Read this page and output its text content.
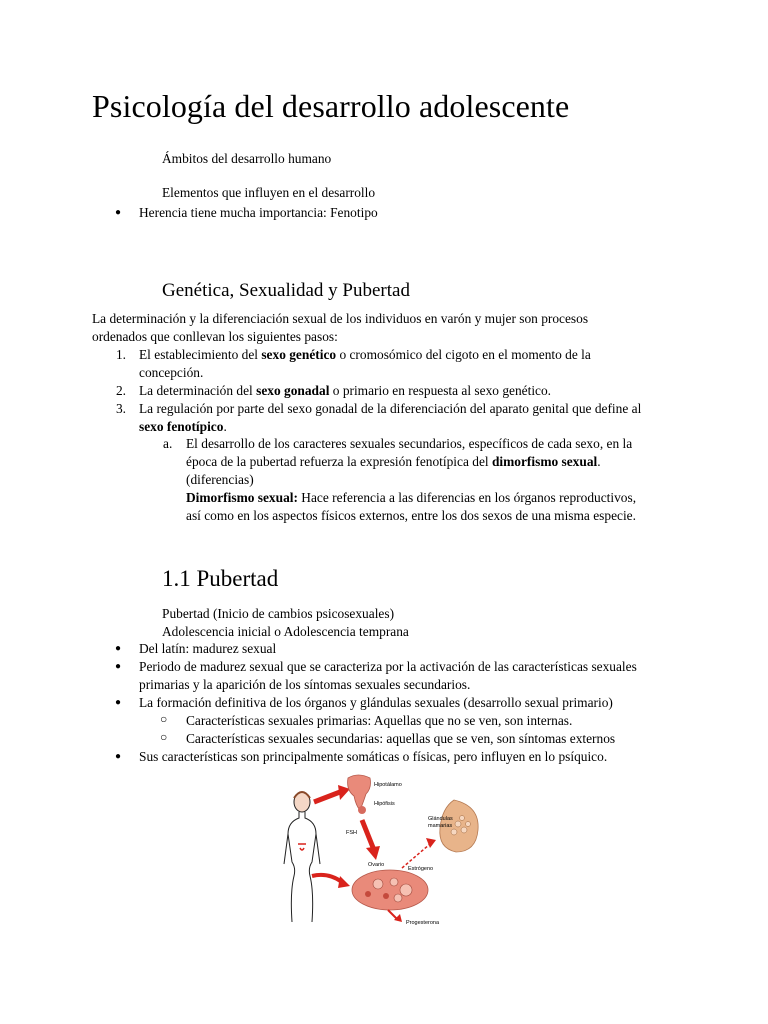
Psicología del desarrollo adolescente
Ámbitos del desarrollo humano
Elementos que influyen en el desarrollo
● Herencia tiene mucha importancia: Fenotipo
Genética, Sexualidad y Pubertad
La determinación y la diferenciación sexual de los individuos en varón y mujer son procesos
ordenados que conllevan los siguientes pasos:
1. El establecimiento del sexo genético o cromosómico del cigoto en el momento de la
concepción.
2. La determinación del sexo gonadal o primario en respuesta al sexo genético.
3. La regulación por parte del sexo gonadal de la diferenciación del aparato genital que define al
sexo fenotípico.
a. El desarrollo de los caracteres sexuales secundarios, específicos de cada sexo, en la
época de la pubertad refuerza la expresión fenotípica del dimorfismo sexual.
(diferencias)
Dimorfismo sexual: Hace referencia a las diferencias en los órganos reproductivos,
así como en los aspectos físicos externos, entre los dos sexos de una misma especie.
1.1 Pubertad
Pubertad (Inicio de cambios psicosexuales)
Adolescencia inicial o Adolescencia temprana
● Del latín: madurez sexual
● Periodo de madurez sexual que se caracteriza por la activación de las características sexuales
primarias y la aparición de los síntomas sexuales secundarios.
● La formación definitiva de los órganos y glándulas sexuales (desarrollo sexual primario)
○ Características sexuales primarias: Aquellas que no se ven, son internas.
○ Características sexuales secundarias: aquellas que se ven, son síntomas externos
● Sus características son principalmente somáticas o físicas, pero influyen en lo psíquico.
Hipotálamo
Hipófisis
FSH
Ovario
Estrógeno
Glándulas
mamarias
Progesterona
